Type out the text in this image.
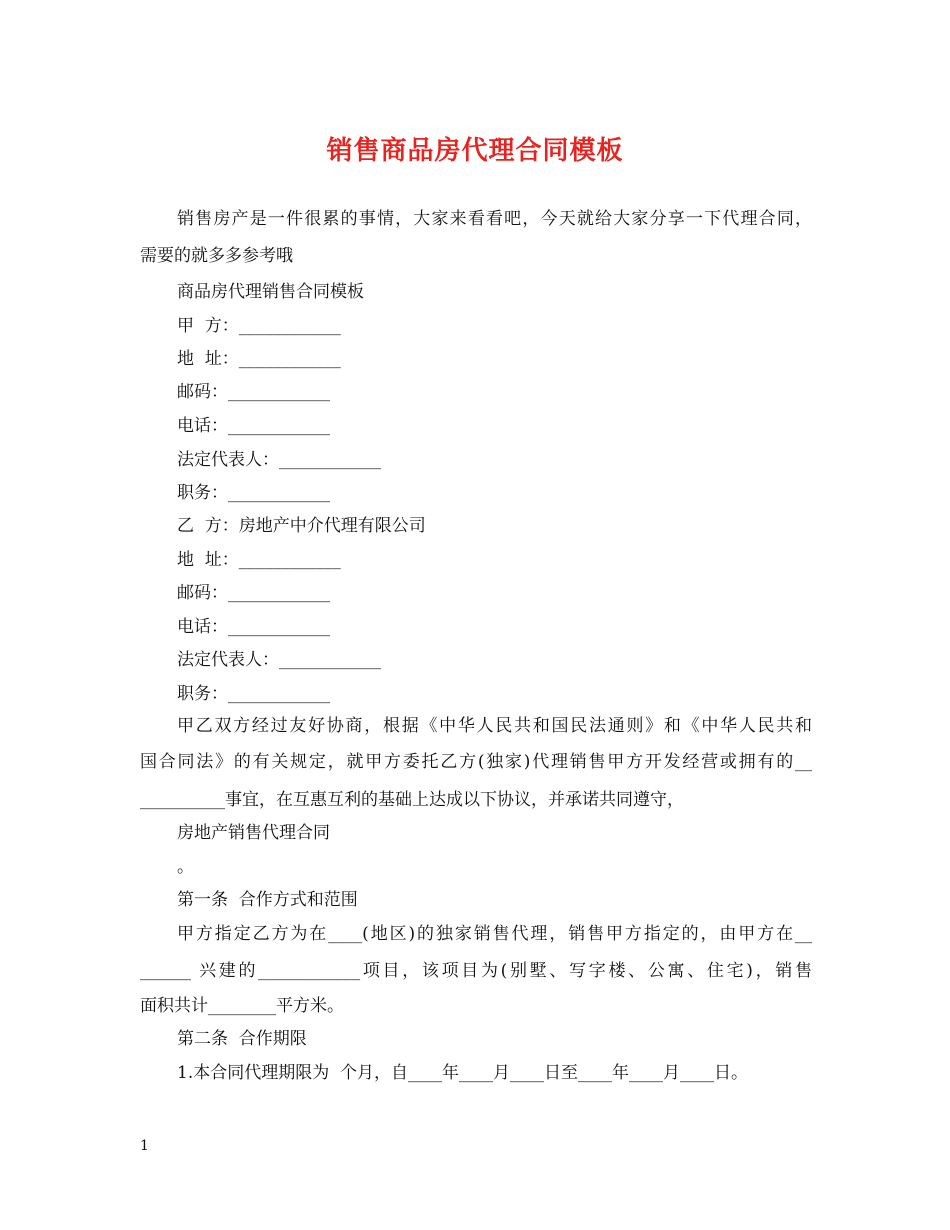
销售商品房代理合同模板
销售房产是一件很累的事情，大家来看看吧，今天就给大家分享一下代理合同，
需要的就多多参考哦
商品房代理销售合同模板
甲  方：____________
地  址：____________
邮码：____________
电话：____________
法定代表人：____________
职务：____________
乙  方：房地产中介代理有限公司
地  址：____________
邮码：____________
电话：____________
法定代表人：____________
职务：____________
甲乙双方经过友好协商，根据《中华人民共和国民法通则》和《中华人民共和
国合同法》的有关规定，就甲方委托乙方(独家)代理销售甲方开发经营或拥有的__
__________事宜，在互惠互利的基础上达成以下协议，并承诺共同遵守，
房地产销售代理合同
。
第一条  合作方式和范围
甲方指定乙方为在____(地区)的独家销售代理，销售甲方指定的，由甲方在__
______ 兴建的____________项目，该项目为(别墅、写字楼、公寓、住宅)，销售
面积共计________平方米。
第二条  合作期限
1.本合同代理期限为  个月，自____年____月____日至____年____月____日。
1
